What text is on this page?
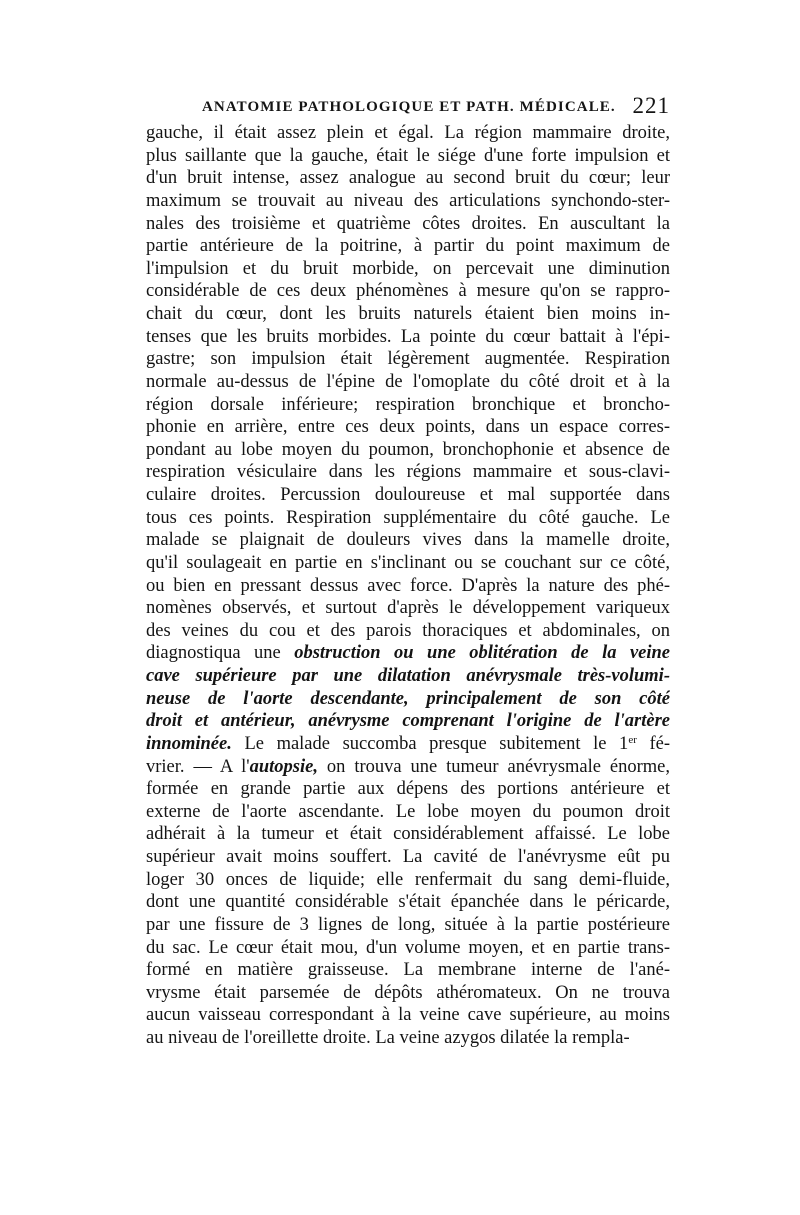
ANATOMIE PATHOLOGIQUE ET PATH. MÉDICALE. 221
gauche, il était assez plein et égal. La région mammaire droite,
plus saillante que la gauche, était le siége d'une forte impulsion et
d'un bruit intense, assez analogue au second bruit du cœur; leur
maximum se trouvait au niveau des articulations synchondo-ster-
nales des troisième et quatrième côtes droites. En auscultant la
partie antérieure de la poitrine, à partir du point maximum de
l'impulsion et du bruit morbide, on percevait une diminution
considérable de ces deux phénomènes à mesure qu'on se rappro-
chait du cœur, dont les bruits naturels étaient bien moins in-
tenses que les bruits morbides. La pointe du cœur battait à l'épi-
gastre; son impulsion était légèrement augmentée. Respiration
normale au-dessus de l'épine de l'omoplate du côté droit et à la
région dorsale inférieure; respiration bronchique et broncho-
phonie en arrière, entre ces deux points, dans un espace corres-
pondant au lobe moyen du poumon, bronchophonie et absence de
respiration vésiculaire dans les régions mammaire et sous-clavi-
culaire droites. Percussion douloureuse et mal supportée dans
tous ces points. Respiration supplémentaire du côté gauche. Le
malade se plaignait de douleurs vives dans la mamelle droite,
qu'il soulageait en partie en s'inclinant ou se couchant sur ce côté,
ou bien en pressant dessus avec force. D'après la nature des phé-
nomènes observés, et surtout d'après le développement variqueux
des veines du cou et des parois thoraciques et abdominales, on
diagnostiqua une obstruction ou une oblitération de la veine
cave supérieure par une dilatation anévrysmale très-volumi-
neuse de l'aorte descendante, principalement de son côté
droit et antérieur, anévrysme comprenant l'origine de l'artère
innominée. Le malade succomba presque subitement le 1er fé-
vrier. — A l'autopsie, on trouva une tumeur anévrysmale énorme,
formée en grande partie aux dépens des portions antérieure et
externe de l'aorte ascendante. Le lobe moyen du poumon droit
adhérait à la tumeur et était considérablement affaissé. Le lobe
supérieur avait moins souffert. La cavité de l'anévrysme eût pu
loger 30 onces de liquide; elle renfermait du sang demi-fluide,
dont une quantité considérable s'était épanchée dans le péricarde,
par une fissure de 3 lignes de long, située à la partie postérieure
du sac. Le cœur était mou, d'un volume moyen, et en partie trans-
formé en matière graisseuse. La membrane interne de l'ané-
vrysme était parsemée de dépôts athéromateux. On ne trouva
aucun vaisseau correspondant à la veine cave supérieure, au moins
au niveau de l'oreillette droite. La veine azygos dilatée la rempla-
